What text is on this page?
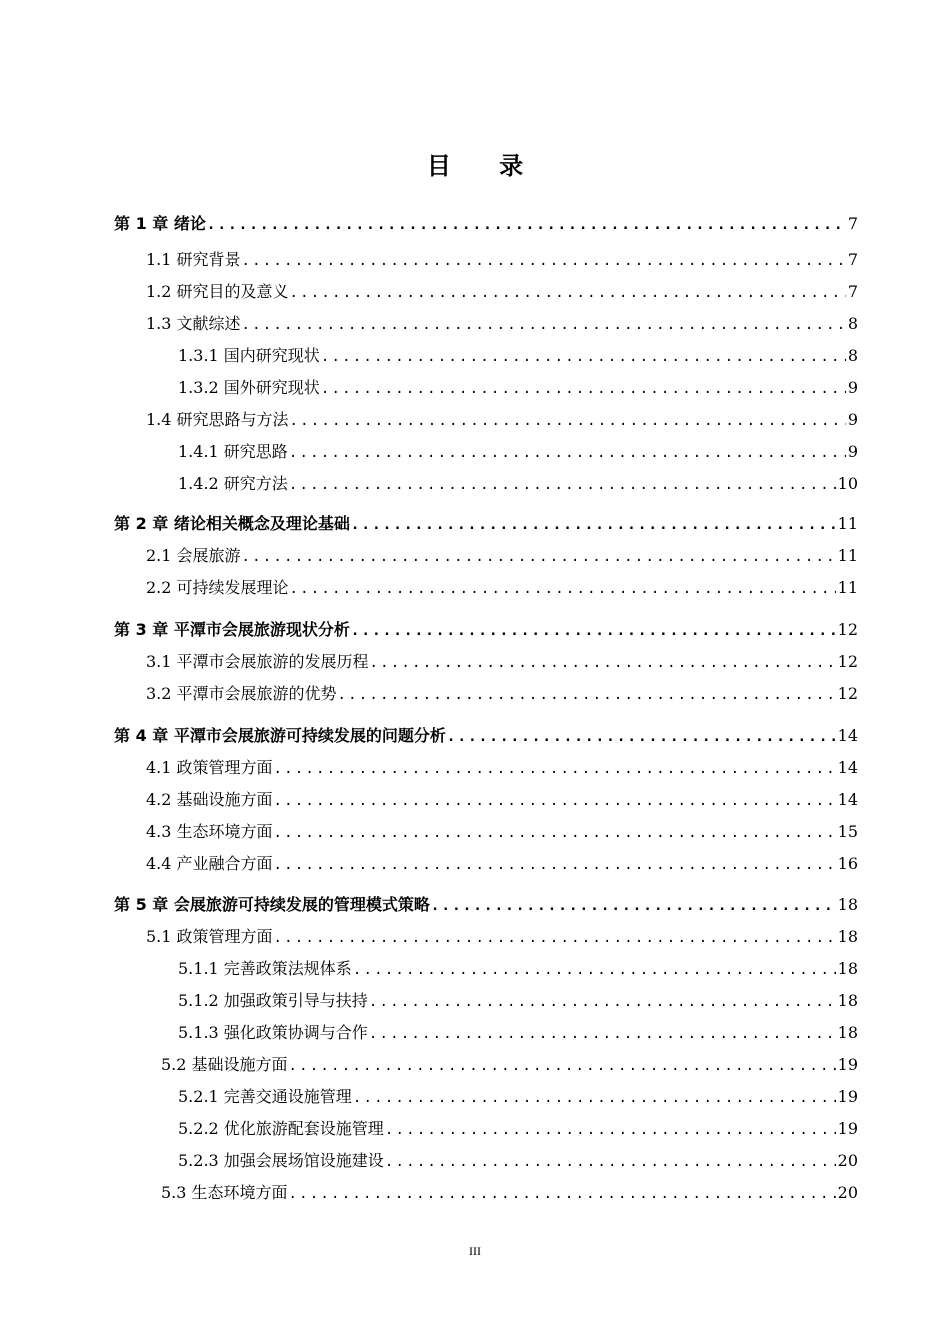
目 录
第 1 章 绪论 .....	7
1.1 研究背景 .....	7
1.2 研究目的及意义 .....	7
1.3 文献综述 .....	8
1.3.1 国内研究现状 .....	8
1.3.2 国外研究现状 .....	9
1.4 研究思路与方法 .....	9
1.4.1 研究思路 .....	9
1.4.2 研究方法 .....	10
第 2 章 绪论相关概念及理论基础 .....	11
2.1 会展旅游 .....	11
2.2 可持续发展理论 .....	11
第 3 章 平潭市会展旅游现状分析 .....	12
3.1 平潭市会展旅游的发展历程 .....	12
3.2 平潭市会展旅游的优势 .....	12
第 4 章 平潭市会展旅游可持续发展的问题分析 .....	14
4.1 政策管理方面 .....	14
4.2 基础设施方面 .....	14
4.3 生态环境方面 .....	15
4.4 产业融合方面 .....	16
第 5 章 会展旅游可持续发展的管理模式策略 .....	18
5.1 政策管理方面 .....	18
5.1.1 完善政策法规体系 .....	18
5.1.2 加强政策引导与扶持 .....	18
5.1.3 强化政策协调与合作 .....	18
5.2 基础设施方面 .....	19
5.2.1 完善交通设施管理 .....	19
5.2.2 优化旅游配套设施管理 .....	19
5.2.3 加强会展场馆设施建设 .....	20
5.3 生态环境方面 .....	20
III
